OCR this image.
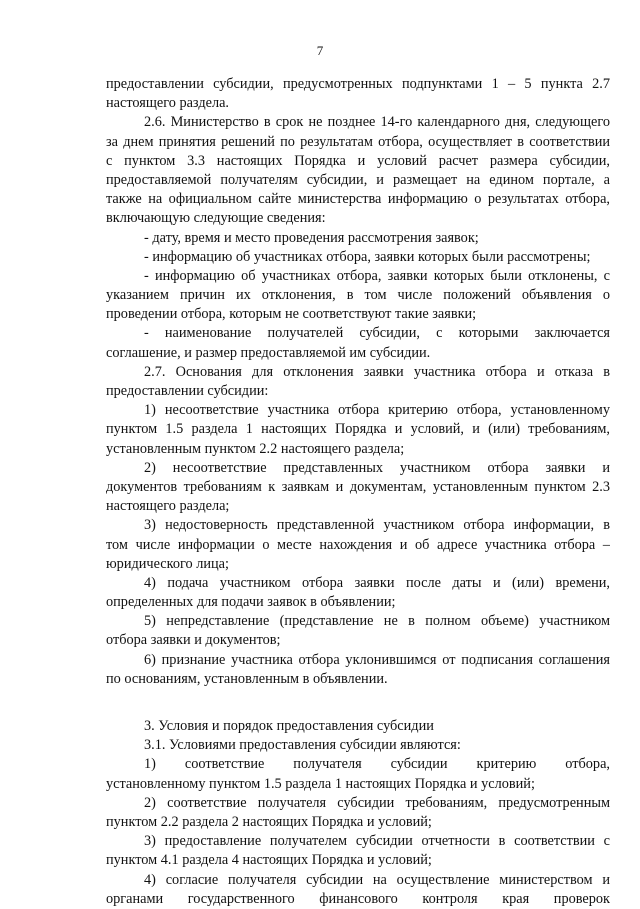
7
предоставлении субсидии, предусмотренных подпунктами 1 – 5 пункта 2.7
настоящего раздела.
2.6. Министерство в срок не позднее 14-го календарного дня, следующего
за днем принятия решений по результатам отбора, осуществляет в соответствии
с пунктом 3.3 настоящих Порядка и условий расчет размера субсидии,
предоставляемой получателям субсидии, и размещает на едином портале, а
также на официальном сайте министерства информацию о результатах отбора,
включающую следующие сведения:
- дату, время и место проведения рассмотрения заявок;
- информацию об участниках отбора, заявки которых были рассмотрены;
- информацию об участниках отбора, заявки которых были отклонены, с
указанием причин их отклонения, в том числе положений объявления о
проведении отбора, которым не соответствуют такие заявки;
- наименование получателей субсидии, с которыми заключается
соглашение, и размер предоставляемой им субсидии.
2.7. Основания для отклонения заявки участника отбора и отказа в
предоставлении субсидии:
1) несоответствие участника отбора критерию отбора, установленному
пунктом 1.5 раздела 1 настоящих Порядка и условий, и (или) требованиям,
установленным пунктом 2.2 настоящего раздела;
2) несоответствие представленных участником отбора заявки и
документов требованиям к заявкам и документам, установленным пунктом 2.3
настоящего раздела;
3) недостоверность представленной участником отбора информации, в
том числе информации о месте нахождения и об адресе участника отбора –
юридического лица;
4) подача участником отбора заявки после даты и (или) времени,
определенных для подачи заявок в объявлении;
5) непредставление (представление не в полном объеме) участником
отбора заявки и документов;
6) признание участника отбора уклонившимся от подписания соглашения
по основаниям, установленным в объявлении.
3. Условия и порядок предоставления субсидии
3.1. Условиями предоставления субсидии являются:
1) соответствие получателя субсидии критерию отбора,
установленному пунктом 1.5 раздела 1 настоящих Порядка и условий;
2) соответствие получателя субсидии требованиям, предусмотренным
пунктом 2.2 раздела 2 настоящих Порядка и условий;
3) предоставление получателем субсидии отчетности в соответствии с
пунктом 4.1 раздела 4 настоящих Порядка и условий;
4) согласие получателя субсидии на осуществление министерством и
органами государственного финансового контроля края проверок
